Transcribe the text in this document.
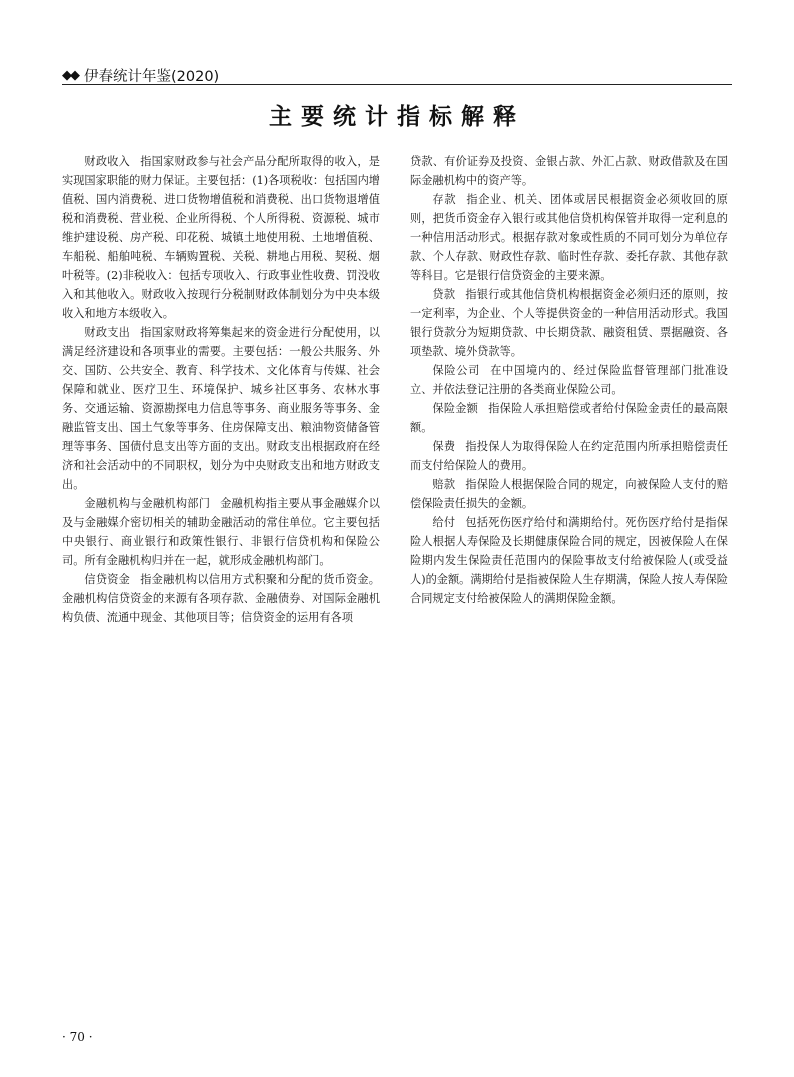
◆◆ 伊春统计年鉴(2020)
主要统计指标解释

财政收入 指国家财政参与社会产品分配所取得的收入，是实现国家职能的财力保证。主要包括：(1)各项税收：包括国内增值税、国内消费税、进口货物增值税和消费税、出口货物退增值税和消费税、营业税、企业所得税、个人所得税、资源税、城市维护建设税、房产税、印花税、城镇土地使用税、土地增值税、车船税、船舶吨税、车辆购置税、关税、耕地占用税、契税、烟叶税等。(2)非税收入：包括专项收入、行政事业性收费、罚没收入和其他收入。财政收入按现行分税制财政体制划分为中央本级收入和地方本级收入。

财政支出 指国家财政将筹集起来的资金进行分配使用，以满足经济建设和各项事业的需要。主要包括：一般公共服务、外交、国防、公共安全、教育、科学技术、文化体育与传媒、社会保障和就业、医疗卫生、环境保护、城乡社区事务、农林水事务、交通运输、资源勘探电力信息等事务、商业服务等事务、金融监管支出、国土气象等事务、住房保障支出、粮油物资储备管理等事务、国债付息支出等方面的支出。财政支出根据政府在经济和社会活动中的不同职权，划分为中央财政支出和地方财政支出。

金融机构与金融机构部门 金融机构指主要从事金融媒介以及与金融媒介密切相关的辅助金融活动的常住单位。它主要包括中央银行、商业银行和政策性银行、非银行信贷机构和保险公司。所有金融机构归并在一起，就形成金融机构部门。

信贷资金 指金融机构以信用方式积聚和分配的货币资金。金融机构信贷资金的来源有各项存款、金融债券、对国际金融机构负债、流通中现金、其他项目等；信贷资金的运用有各项

贷款、有价证券及投资、金银占款、外汇占款、财政借款及在国际金融机构中的资产等。

存款 指企业、机关、团体或居民根据资金必须收回的原则，把货币资金存入银行或其他信贷机构保管并取得一定利息的一种信用活动形式。根据存款对象或性质的不同可划分为单位存款、个人存款、财政性存款、临时性存款、委托存款、其他存款等科目。它是银行信贷资金的主要来源。

贷款 指银行或其他信贷机构根据资金必须归还的原则，按一定利率，为企业、个人等提供资金的一种信用活动形式。我国银行贷款分为短期贷款、中长期贷款、融资租赁、票据融资、各项垫款、境外贷款等。

保险公司 在中国境内的、经过保险监督管理部门批准设立、并依法登记注册的各类商业保险公司。

保险金额 指保险人承担赔偿或者给付保险金责任的最高限额。

保费 指投保人为取得保险人在约定范围内所承担赔偿责任而支付给保险人的费用。

赔款 指保险人根据保险合同的规定，向被保险人支付的赔偿保险责任损失的金额。

给付 包括死伤医疗给付和满期给付。死伤医疗给付是指保险人根据人寿保险及长期健康保险合同的规定，因被保险人在保险期内发生保险责任范围内的保险事故支付给被保险人(或受益人)的金额。满期给付是指被保险人生存期满，保险人按人寿保险合同规定支付给被保险人的满期保险金额。

· 70 ·
